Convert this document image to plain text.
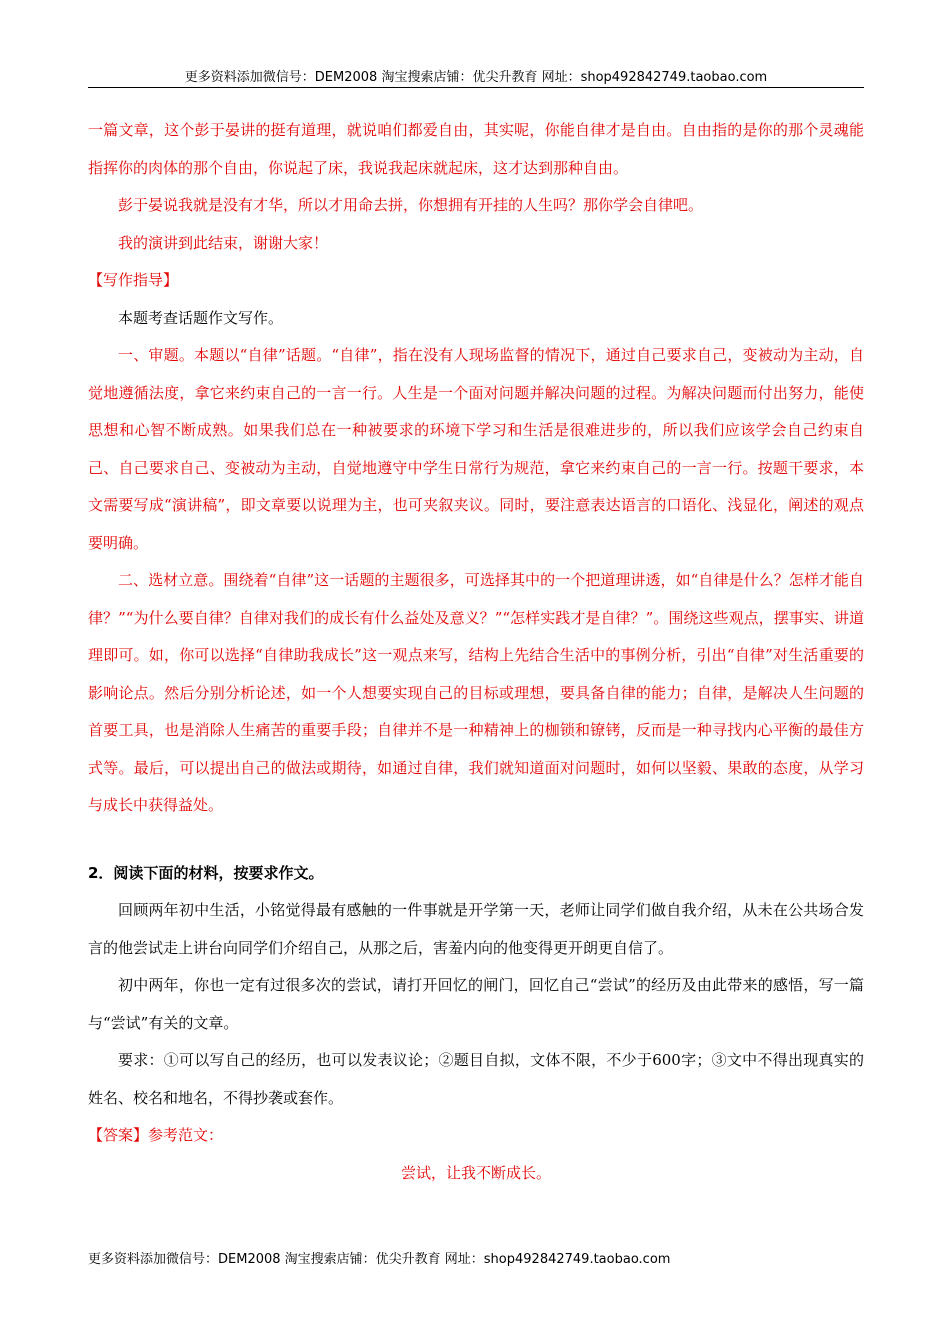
更多资料添加微信号：DEM2008 淘宝搜索店铺：优尖升教育 网址：shop492842749.taobao.com

一篇文章，这个彭于晏讲的挺有道理，就说咱们都爱自由，其实呢，你能自律才是自由。自由指的是你的那个灵魂能指挥你的肉体的那个自由，你说起了床，我说我起床就起床，这才达到那种自由。

彭于晏说我就是没有才华，所以才用命去拼，你想拥有开挂的人生吗？那你学会自律吧。

我的演讲到此结束，谢谢大家！

【写作指导】

本题考查话题作文写作。

一、审题。本题以“自律”话题。“自律”，指在没有人现场监督的情况下，通过自己要求自己，变被动为主动，自觉地遵循法度，拿它来约束自己的一言一行。人生是一个面对问题并解决问题的过程。为解决问题而付出努力，能使思想和心智不断成熟。如果我们总在一种被要求的环境下学习和生活是很难进步的，所以我们应该学会自己约束自己、自己要求自己、变被动为主动，自觉地遵守中学生日常行为规范，拿它来约束自己的一言一行。按题干要求，本文需要写成“演讲稿”，即文章要以说理为主，也可夹叙夹议。同时，要注意表达语言的口语化、浅显化，阐述的观点要明确。

二、选材立意。围绕着“自律”这一话题的主题很多，可选择其中的一个把道理讲透，如“自律是什么？怎样才能自律？”“为什么要自律？自律对我们的成长有什么益处及意义？”“怎样实践才是自律？”。围绕这些观点，摆事实、讲道理即可。如，你可以选择“自律助我成长”这一观点来写，结构上先结合生活中的事例分析，引出“自律”对生活重要的影响论点。然后分别分析论述，如一个人想要实现自己的目标或理想，要具备自律的能力；自律，是解决人生问题的首要工具，也是消除人生痛苦的重要手段；自律并不是一种精神上的枷锁和镣铐，反而是一种寻找内心平衡的最佳方式等。最后，可以提出自己的做法或期待，如通过自律，我们就知道面对问题时，如何以坚毅、果敢的态度，从学习与成长中获得益处。

2．阅读下面的材料，按要求作文。

回顾两年初中生活，小铭觉得最有感触的一件事就是开学第一天，老师让同学们做自我介绍，从未在公共场合发言的他尝试走上讲台向同学们介绍自己，从那之后，害羞内向的他变得更开朗更自信了。

初中两年，你也一定有过很多次的尝试，请打开回忆的闸门，回忆自己“尝试”的经历及由此带来的感悟，写一篇与“尝试”有关的文章。

要求：①可以写自己的经历，也可以发表议论；②题目自拟，文体不限，不少于600字；③文中不得出现真实的姓名、校名和地名，不得抄袭或套作。

【答案】参考范文：

尝试，让我不断成长。

更多资料添加微信号：DEM2008 淘宝搜索店铺：优尖升教育 网址：shop492842749.taobao.com
